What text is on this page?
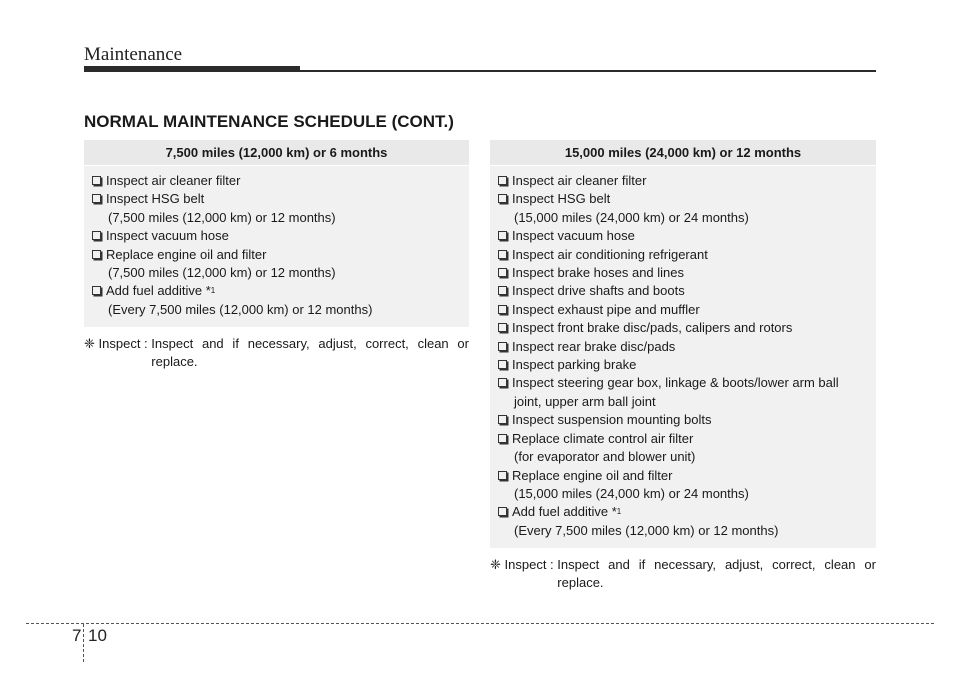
Maintenance
NORMAL MAINTENANCE SCHEDULE (CONT.)
7,500 miles (12,000 km) or 6 months
Inspect air cleaner filter
Inspect HSG belt
(7,500 miles (12,000 km) or 12 months)
Inspect vacuum hose
Replace engine oil and filter
(7,500 miles (12,000 km) or 12 months)
Add fuel additive * 1
(Every 7,500 miles (12,000 km) or 12 months)
❈ Inspect : Inspect and if necessary, adjust, correct, clean or replace.
15,000 miles (24,000 km) or 12 months
Inspect air cleaner filter
Inspect HSG belt
(15,000 miles (24,000 km) or 24 months)
Inspect vacuum hose
Inspect air conditioning refrigerant
Inspect brake hoses and lines
Inspect drive shafts and boots
Inspect exhaust pipe and muffler
Inspect front brake disc/pads, calipers and rotors
Inspect rear brake disc/pads
Inspect parking brake
Inspect steering gear box, linkage & boots/lower arm ball
joint, upper arm ball joint
Inspect suspension mounting bolts
Replace climate control air filter
(for evaporator and blower unit)
Replace engine oil and filter
(15,000 miles (24,000 km) or 24 months)
Add fuel additive * 1
(Every 7,500 miles (12,000 km) or 12 months)
❈ Inspect : Inspect and if necessary, adjust, correct, clean or replace.
7 10
